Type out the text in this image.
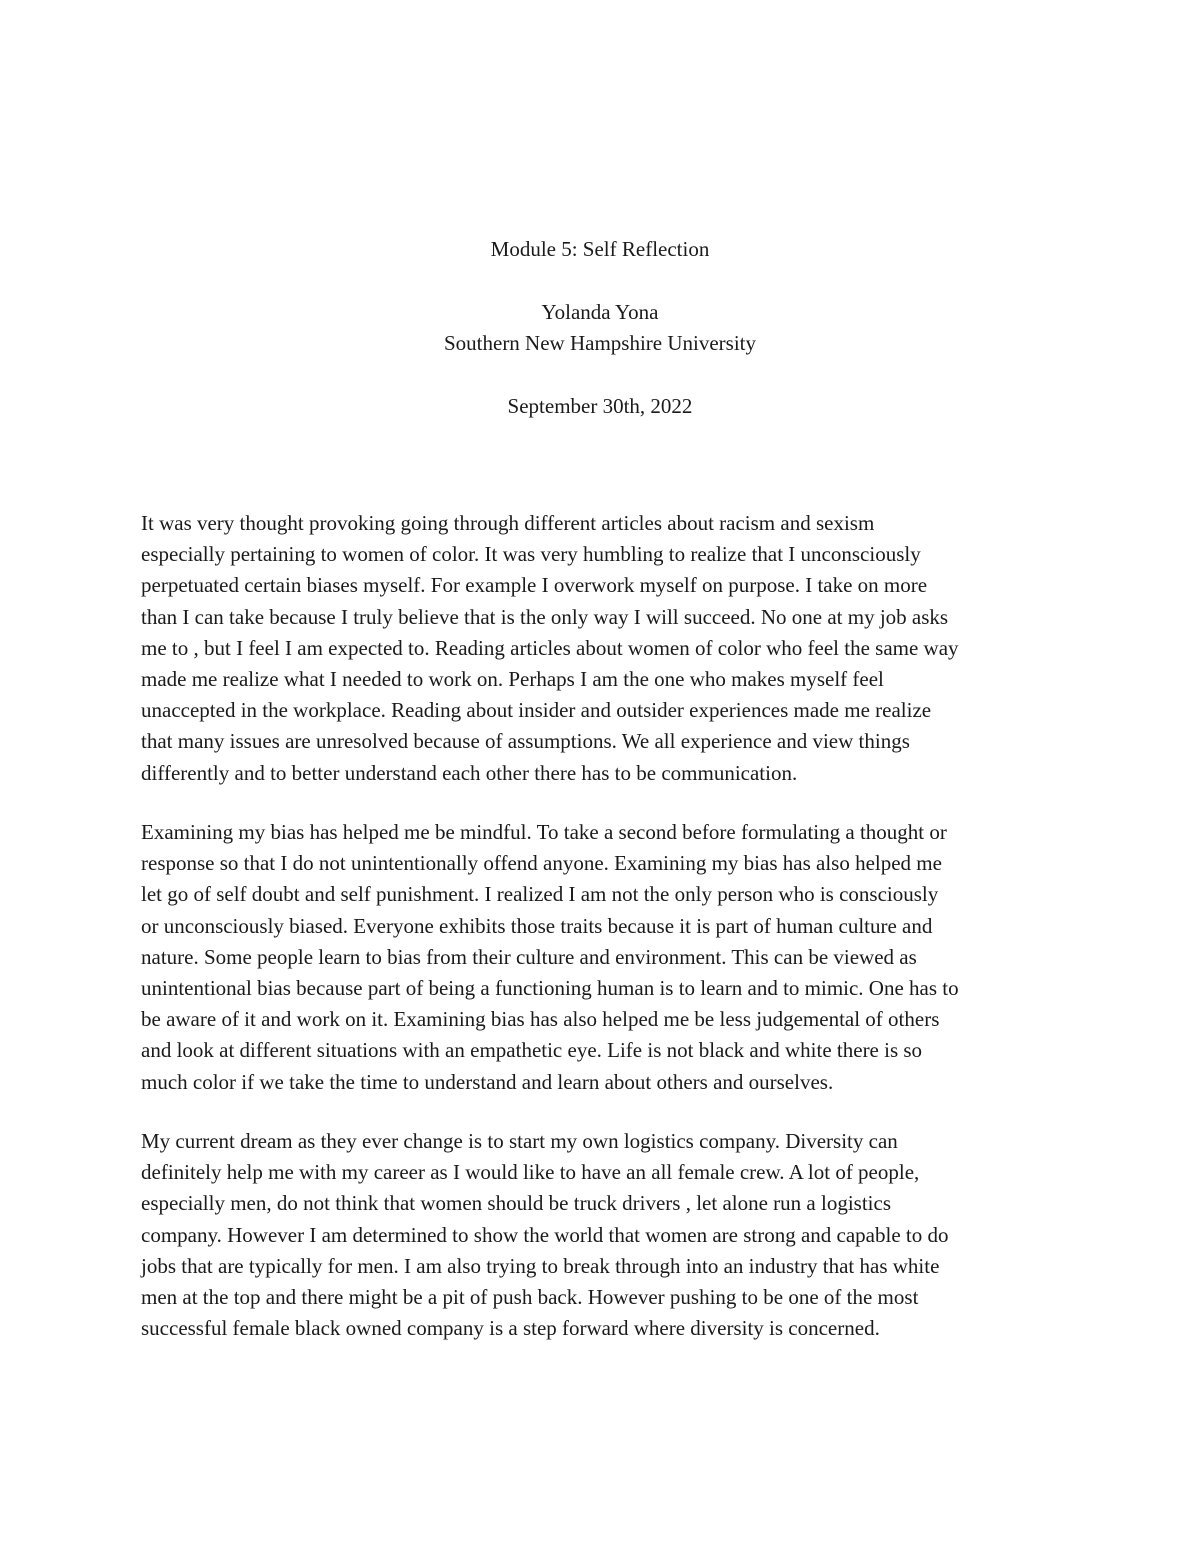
Module 5: Self Reflection
Yolanda Yona
Southern New Hampshire University
September 30th, 2022
It was very thought provoking going through different articles about racism and sexism
especially pertaining to women of color. It was very humbling to realize that I unconsciously
perpetuated certain biases myself. For example I overwork myself on purpose. I take on more
than I can take because I truly believe that is the only way I will succeed. No one at my job asks
me to , but I feel I am expected to. Reading articles about women of color who feel the same way
made me realize what I needed to work on. Perhaps I am the one who makes myself feel
unaccepted in the workplace. Reading about insider and outsider experiences made me realize
that many issues are unresolved because of assumptions. We all experience and view things
differently and to better understand each other there has to be communication.
Examining my bias has helped me be mindful. To take a second before formulating a thought or
response so that I do not unintentionally offend anyone. Examining my bias has also helped me
let go of self doubt and self punishment. I realized I am not the only person who is consciously
or unconsciously biased. Everyone exhibits those traits because it is part of human culture and
nature. Some people learn to bias from their culture and environment. This can be viewed as
unintentional bias because part of being a functioning human is to learn and to mimic. One has to
be aware of it and work on it. Examining bias has also helped me be less judgemental of others
and look at different situations with an empathetic eye. Life is not black and white there is so
much color if we take the time to understand and learn about others and ourselves.
My current dream as they ever change is to start my own logistics company. Diversity can
definitely help me with my career as I would like to have an all female crew. A lot of people,
especially men, do not think that women should be truck drivers , let alone run a logistics
company. However I am determined to show the world that women are strong and capable to do
jobs that are typically for men. I am also trying to break through into an industry that has white
men at the top and there might be a pit of push back. However pushing to be one of the most
successful female black owned company is a step forward where diversity is concerned.
